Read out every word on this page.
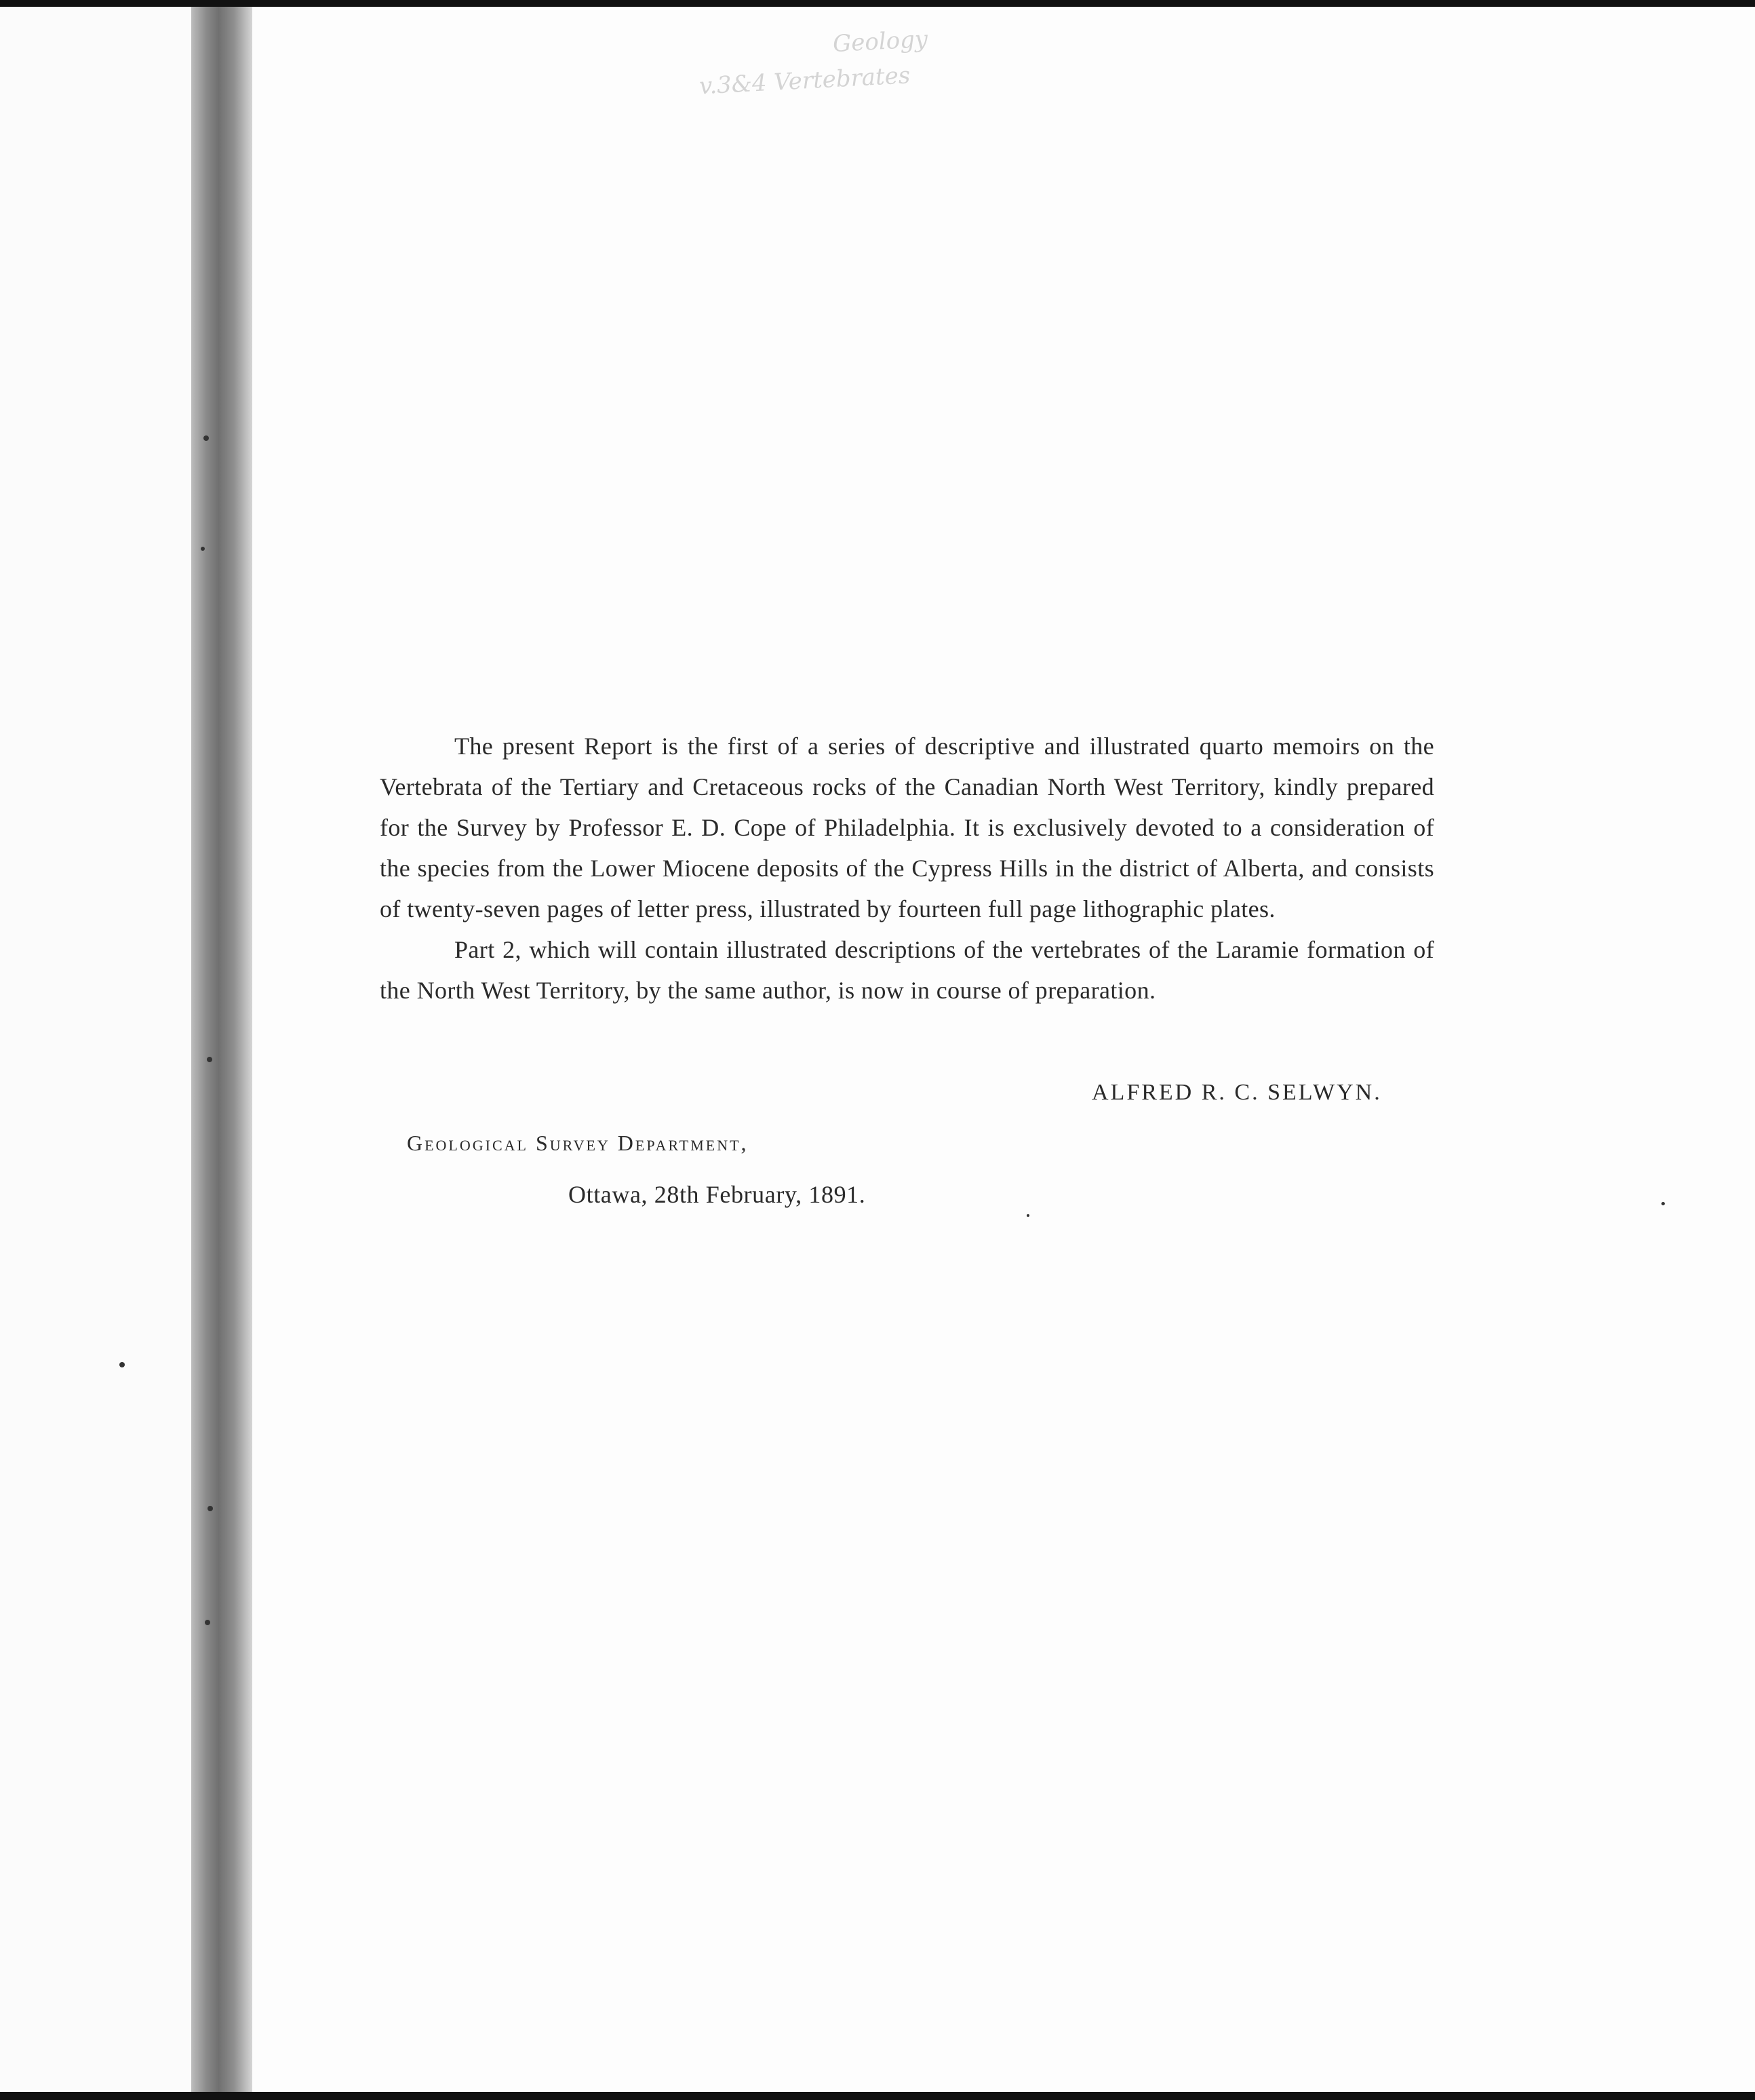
Geology
v.3&4 Vertebrates

The present Report is the first of a series of descriptive and illustrated quarto memoirs on the Vertebrata of the Tertiary and Cretaceous rocks of the Canadian North West Territory, kindly prepared for the Survey by Professor E. D. Cope of Philadelphia. It is exclusively devoted to a consideration of the species from the Lower Miocene deposits of the Cypress Hills in the district of Alberta, and consists of twenty-seven pages of letter press, illustrated by fourteen full page lithographic plates.

Part 2, which will contain illustrated descriptions of the vertebrates of the Laramie formation of the North West Territory, by the same author, is now in course of preparation.

ALFRED R. C. SELWYN.
Geological Survey Department,
Ottawa, 28th February, 1891.
